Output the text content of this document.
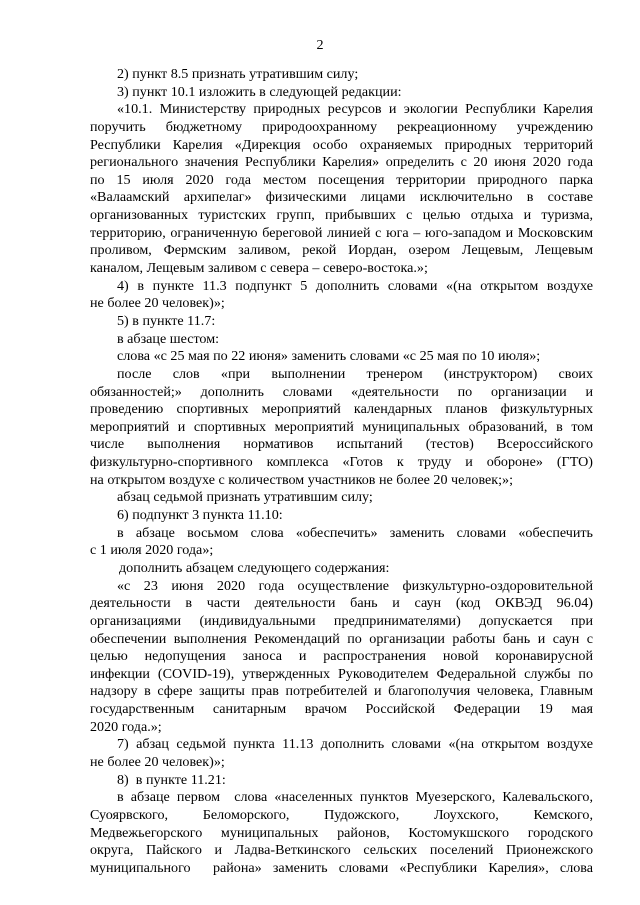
2
2) пункт 8.5 признать утратившим силу;
3) пункт 10.1 изложить в следующей редакции:
«10.1. Министерству природных ресурсов и экологии Республики Карелия
поручить бюджетному природоохранному рекреационному учреждению
Республики Карелия «Дирекция особо охраняемых природных территорий
регионального значения Республики Карелия» определить с 20 июня 2020 года
по 15 июля 2020 года местом посещения территории природного парка
«Валаамский архипелаг» физическими лицами исключительно в составе
организованных туристских групп, прибывших с целью отдыха и туризма,
территорию, ограниченную береговой линией с юга – юго-западом и Московским
проливом, Фермским заливом, рекой Иордан, озером Лещевым, Лещевым
каналом, Лещевым заливом с севера – северо-востока.»;
4) в пункте 11.3 подпункт 5 дополнить словами «(на открытом воздухе
не более 20 человек)»;
5) в пункте 11.7:
в абзаце шестом:
слова «с 25 мая по 22 июня» заменить словами «с 25 мая по 10 июля»;
после слов «при выполнении тренером (инструктором) своих
обязанностей;» дополнить словами «деятельности по организации и
проведению спортивных мероприятий календарных планов физкультурных
мероприятий и спортивных мероприятий муниципальных образований, в том
числе выполнения нормативов испытаний (тестов) Всероссийского
физкультурно-спортивного комплекса «Готов к труду и обороне» (ГТО)
на открытом воздухе с количеством участников не более 20 человек;»;
абзац седьмой признать утратившим силу;
6) подпункт 3 пункта 11.10:
в абзаце восьмом слова «обеспечить» заменить словами «обеспечить
с 1 июля 2020 года»;
дополнить абзацем следующего содержания:
«с 23 июня 2020 года осуществление физкультурно-оздоровительной
деятельности в части деятельности бань и саун (код ОКВЭД 96.04)
организациями (индивидуальными предпринимателями) допускается при
обеспечении выполнения Рекомендаций по организации работы бань и саун с
целью недопущения заноса и распространения новой коронавирусной
инфекции (COVID-19), утвержденных Руководителем Федеральной службы по
надзору в сфере защиты прав потребителей и благополучия человека, Главным
государственным санитарным врачом Российской Федерации 19 мая
2020 года.»;
7) абзац седьмой пункта 11.13 дополнить словами «(на открытом воздухе
не более 20 человек)»;
8)  в пункте 11.21:
в абзаце первом  слова «населенных пунктов Муезерского, Калевальского,
Суоярвского, Беломорского, Пудожского, Лоухского, Кемского,
Медвежьегорского муниципальных районов, Костомукшского городского
округа, Пайского и Ладва-Веткинского сельских поселений Прионежского
муниципального  района» заменить словами «Республики Карелия», слова
